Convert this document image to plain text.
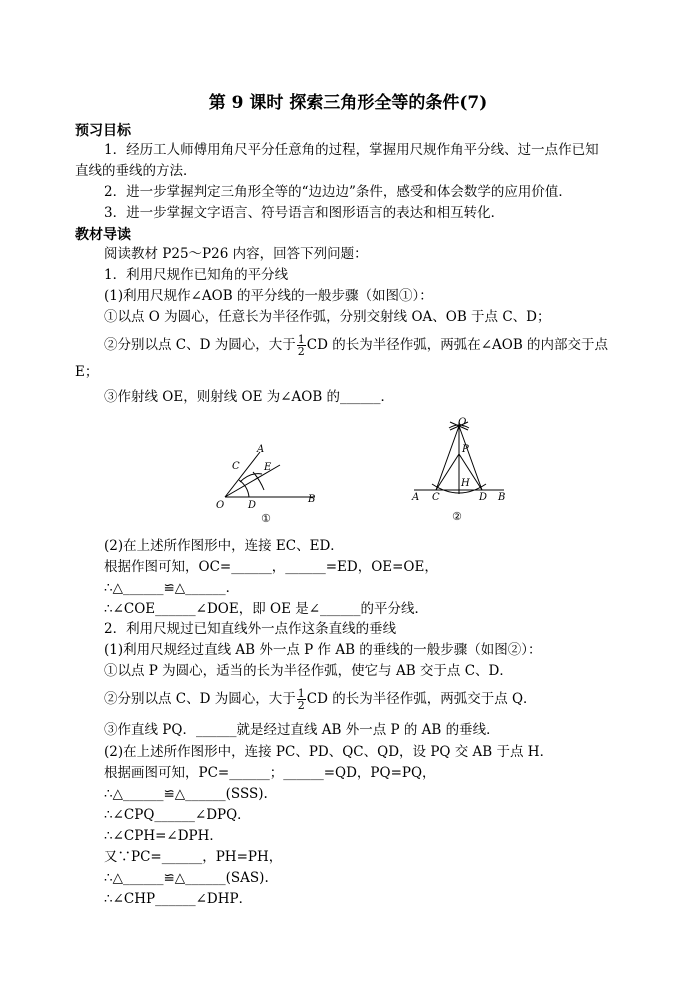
第 9 课时 探索三角形全等的条件(7)
预习目标
1．经历工人师傅用角尺平分任意角的过程，掌握用尺规作角平分线、过一点作已知
直线的垂线的方法．
2．进一步掌握判定三角形全等的“边边边”条件，感受和体会数学的应用价值．
3．进一步掌握文字语言、符号语言和图形语言的表达和相互转化．
教材导读
阅读教材 P25～P26 内容，回答下列问题：
1．利用尺规作已知角的平分线
(1)利用尺规作∠AOB 的平分线的一般步骤（如图①）：
①以点 O 为圆心，任意长为半径作弧，分别交射线 OA、OB 于点 C、D；
②分别以点 C、D 为圆心，大于 $\frac{1}{2}$ CD 的长为半径作弧，两弧在∠AOB 的内部交于点
E；
③作射线 OE，则射线 OE 为∠AOB 的______．
A
C E
O D
B
①
Q
P
H
A C	D B
②
(2)在上述所作图形中，连接 EC、ED．
根据作图可知，OC=______，______=ED，OE=OE，
∴△______≌△______．
∴∠COE______∠DOE，即 OE 是∠______的平分线．
2．利用尺规过已知直线外一点作这条直线的垂线
(1)利用尺规经过直线 AB 外一点 P 作 AB 的垂线的一般步骤（如图②）：
①以点 P 为圆心，适当的长为半径作弧，使它与 AB 交于点 C、D．
②分别以点 C、D 为圆心，大于 $\frac{1}{2}$ CD 的长为半径作弧，两弧交于点 Q．
③作直线 PQ．______就是经过直线 AB 外一点 P 的 AB 的垂线．
(2)在上述所作图形中，连接 PC、PD、QC、QD，设 PQ 交 AB 于点 H．
根据画图可知，PC=______；______=QD，PQ=PQ，
∴△______≌△______(SSS).
∴∠CPQ______∠DPQ．
∴∠CPH=∠DPH．
又∵PC=______，PH=PH，
∴△______≌△______(SAS).
∴∠CHP______∠DHP．
